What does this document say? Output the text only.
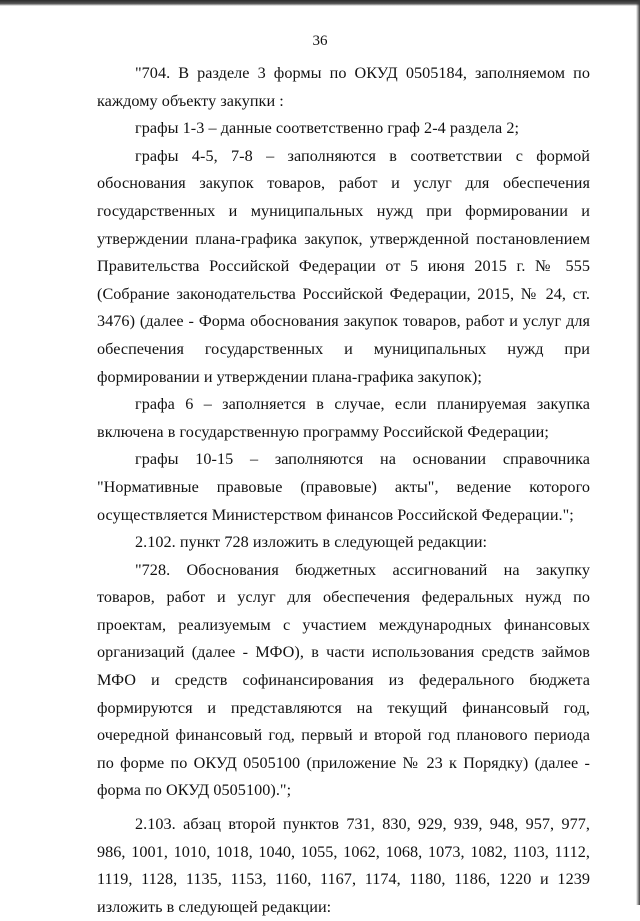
36

"704. В разделе 3 формы по ОКУД 0505184, заполняемом по каждому объекту закупки :

графы 1-3 – данные соответственно граф 2-4 раздела 2;

графы 4-5, 7-8 – заполняются в соответствии с формой обоснования закупок товаров, работ и услуг для обеспечения государственных и муниципальных нужд при формировании и утверждении плана-графика закупок, утвержденной постановлением Правительства Российской Федерации от 5 июня 2015 г. № 555 (Собрание законодательства Российской Федерации, 2015, № 24, ст. 3476) (далее - Форма обоснования закупок товаров, работ и услуг для обеспечения государственных и муниципальных нужд при формировании и утверждении плана-графика закупок);

графа 6 – заполняется в случае, если планируемая закупка включена в государственную программу Российской Федерации;

графы 10-15 – заполняются на основании справочника "Нормативные правовые (правовые) акты", ведение которого осуществляется Министерством финансов Российской Федерации.";

2.102. пункт 728 изложить в следующей редакции:

"728. Обоснования бюджетных ассигнований на закупку товаров, работ и услуг для обеспечения федеральных нужд по проектам, реализуемым с участием международных финансовых организаций (далее - МФО), в части использования средств займов МФО и средств софинансирования из федерального бюджета формируются и представляются на текущий финансовый год, очередной финансовый год, первый и второй год планового периода по форме по ОКУД 0505100 (приложение № 23 к Порядку) (далее - форма по ОКУД 0505100).";

2.103. абзац второй пунктов 731, 830, 929, 939, 948, 957, 977, 986, 1001, 1010, 1018, 1040, 1055, 1062, 1068, 1073, 1082, 1103, 1112, 1119, 1128, 1135, 1153, 1160, 1167, 1174, 1180, 1186, 1220 и 1239 изложить в следующей редакции:
